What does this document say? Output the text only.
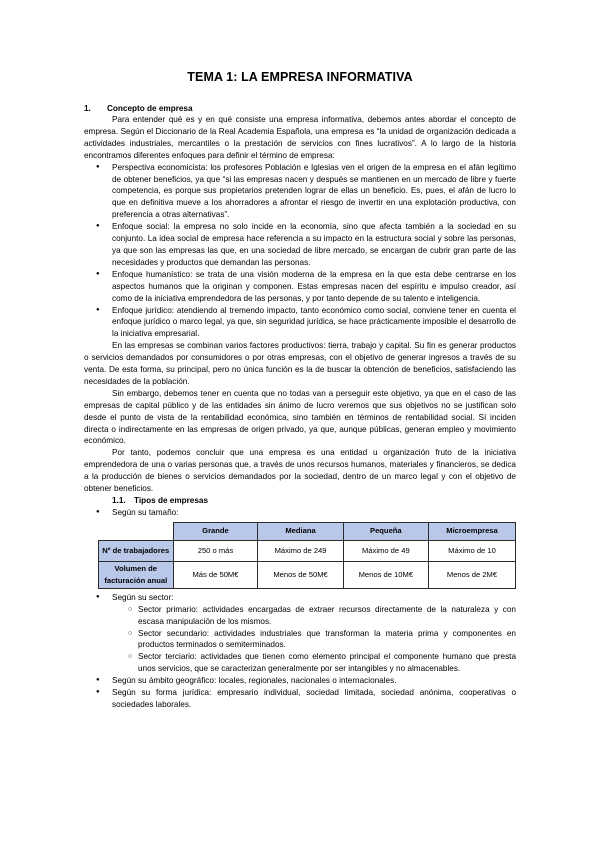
TEMA 1: LA EMPRESA INFORMATIVA
1. Concepto de empresa

Para entender qué es y en qué consiste una empresa informativa, debemos antes abordar el concepto de empresa. Según el Diccionario de la Real Academia Española, una empresa es “la unidad de organización dedicada a actividades industriales, mercantiles o la prestación de servicios con fines lucrativos”. A lo largo de la historia encontramos diferentes enfoques para definir el término de empresa:

● Perspectiva economicista: los profesores Población e Iglesias ven el origen de la empresa en el afán legítimo de obtener beneficios, ya que “si las empresas nacen y después se mantienen en un mercado de libre y fuerte competencia, es porque sus propietarios pretenden lograr de ellas un beneficio. Es, pues, el afán de lucro lo que en definitiva mueve a los ahorradores a afrontar el riesgo de invertir en una explotación productiva, con preferencia a otras alternativas”.
● Enfoque social: la empresa no solo incide en la economía, sino que afecta también a la sociedad en su conjunto. La idea social de empresa hace referencia a su impacto en la estructura social y sobre las personas, ya que son las empresas las que, en una sociedad de libre mercado, se encargan de cubrir gran parte de las necesidades y productos que demandan las personas.
● Enfoque humanístico: se trata de una visión moderna de la empresa en la que esta debe centrarse en los aspectos humanos que la originan y componen. Estas empresas nacen del espíritu e impulso creador, así como de la iniciativa emprendedora de las personas, y por tanto depende de su talento e inteligencia.
● Enfoque jurídico: atendiendo al tremendo impacto, tanto económico como social, conviene tener en cuenta el enfoque jurídico o marco legal, ya que, sin seguridad jurídica, se hace prácticamente imposible el desarrollo de la iniciativa empresarial.

En las empresas se combinan varios factores productivos: tierra, trabajo y capital. Su fin es generar productos o servicios demandados por consumidores o por otras empresas, con el objetivo de generar ingresos a través de su venta. De esta forma, su principal, pero no única función es la de buscar la obtención de beneficios, satisfaciendo las necesidades de la población.

Sin embargo, debemos tener en cuenta que no todas van a perseguir este objetivo, ya que en el caso de las empresas de capital público y de las entidades sin ánimo de lucro veremos que sus objetivos no se justifican solo desde el punto de vista de la rentabilidad económica, sino también en términos de rentabilidad social. Sí inciden directa o indirectamente en las empresas de origen privado, ya que, aunque públicas, generan empleo y movimiento económico.

Por tanto, podemos concluir que una empresa es una entidad u organización fruto de la iniciativa emprendedora de una o varias personas que, a través de unos recursos humanos, materiales y financieros, se dedica a la producción de bienes o servicios demandados por la sociedad, dentro de un marco legal y con el objetivo de obtener beneficios.

1.1. Tipos de empresas
● Según su tamaño:
	Grande	Mediana	Pequeña	Microempresa
Nº de trabajadores	250 o más	Máximo de 249	Máximo de 49	Máximo de 10
Volumen de facturación anual	Más de 50M€	Menos de 50M€	Menos de 10M€	Menos de 2M€
● Según su sector:
○ Sector primario: actividades encargadas de extraer recursos directamente de la naturaleza y con escasa manipulación de los mismos.
○ Sector secundario: actividades industriales que transforman la materia prima y componentes en productos terminados o semiterminados.
○ Sector terciario: actividades que tienen como elemento principal el componente humano que presta unos servicios, que se caracterizan generalmente por ser intangibles y no almacenables.
● Según su ámbito geográfico: locales, regionales, nacionales o internacionales.
● Según su forma jurídica: empresario individual, sociedad limitada, sociedad anónima, cooperativas o sociedades laborales.
